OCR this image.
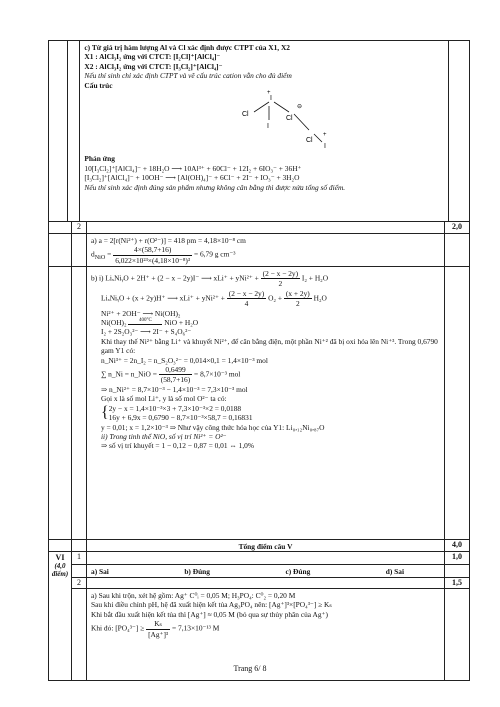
c) Từ giá trị hàm lượng Al và Cl xác định được CTPT của X1, X2
X1 : AlCl₃I₂ ứng với CTCT: [I₂Cl]⁺[AlCl₄]⁻
X2 : AlCl₃I₂ ứng với CTCT: [I₃Cl₂]⁺[AlCl₄]⁻
Nếu thí sinh chỉ xác định CTPT và vẽ cấu trúc cation vẫn cho đủ điểm
Cấu trúc
Cl
I
Cl
I
Cl
I
+
⊖
+
Phản ứng
10[I₃Cl₂]⁺[AlCl₄]⁻ + 18H₂O ⟶ 10Al³⁺ + 60Cl⁻ + 12I₂ + 6IO₃⁻ + 36H⁺
[I₃Cl₂]⁺[AlCl₄]⁻ + 10OH⁻ ⟶ [Al(OH)₄]⁻ + 6Cl⁻ + 2I⁻ + IO₃⁻ + 3H₂O
Nếu thí sinh xác định đúng sản phẩm nhưng không cân bằng thì được nửa tổng số điểm.
2	2,0
a) a = 2[r(Ni²⁺) + r(O²⁻)] = 418 pm = 4,18×10⁻⁸ cm
$d_{NiO} = \frac{4\times(58,7+16)}{\text{6,022×10²³×(4,18×10⁻⁸)³}} = 6,79$ g cm⁻³
b) i) LiₓNiᵧO + 2H⁺ + (2 − x − 2y)I⁻ ⟶ $xLi^+ + yNi^{2+} + \frac{(2 - x - 2y)}{2} I_2 + H_2O$
LiₓNiᵧO + (x + 2y)H⁺ ⟶ $xLi^+ + yNi^{2+} + \frac{(2 - x - 2y)}{4} O_2 + \frac{(x + 2y)}{2} H_2O$
Ni²⁺ + 2OH⁻ ⟶ Ni(OH)₂
Ni(OH)₂ 400°C NiO + H₂O
I₂ + 2S₂O₃²⁻ ⟶ 2I⁻ + S₄O₆²⁻
Khi thay thế Ni²⁺ bằng Li⁺ và khuyết Ni²⁺, để cân bằng điện, một phần Ni⁺² đã bị oxi hóa lên Ni⁺³. Trong 0,6790 gam Y1 có:
n_Ni³⁺ = 2n_I₂ = n_S₂O₃²⁻ = 0,014×0,1 = 1,4×10⁻³ mol
∑ n_Ni = n_NiO = $\frac{0,6499}{(58,7+16)} = 8,7\times 10^{-3}$ mol
⇒ n_Ni²⁺ = 8,7×10⁻³ − 1,4×10⁻³ = 7,3×10⁻³ mol
Gọi x là số mol Li⁺, y là số mol O²⁻ ta có:
{ 2y − x = 1,4×10⁻³×3 + 7,3×10⁻³×2 = 0,0188
16y + 6,9x = 0,6790 − 8,7×10⁻³×58,7 = 0,16831
y = 0,01; x = 1,2×10⁻³ ⇒ Như vậy công thức hóa học của Y1: Li₀,₁₂Ni₀,₈₇O
ii) Trong tinh thể NiO, số vị trí Ni²⁺ = O²⁻
⇒ số vị trí khuyết = 1 − 0,12 − 0,87 = 0,01 ⇔ 1,0%
Tổng điểm câu V	4,0
VI
(4,0 điểm)
1	1,0
a) Sai	b) Đúng	c) Đúng	d) Sai
2	1,5
a) Sau khi trộn, xét hệ gồm: Ag⁺ C⁰ᵢ = 0,05 M; H₃PO₄: C⁰₂ = 0,20 M
Sau khi điều chỉnh pH, hệ đã xuất hiện kết tủa Ag₃PO₄ nên: [Ag⁺]³×[PO₄³⁻] ≥ Kₛ
Khi bắt đầu xuất hiện kết tủa thì [Ag⁺] ≈ 0,05 M (bỏ qua sự thủy phân của Ag⁺)
Khi đó: $[PO_4^{3-}] \ge \frac{\text{Kₛ}}{\text{[Ag⁺]³}} = 7,13\times 10^{-13}$ M
Trang 6/ 8
